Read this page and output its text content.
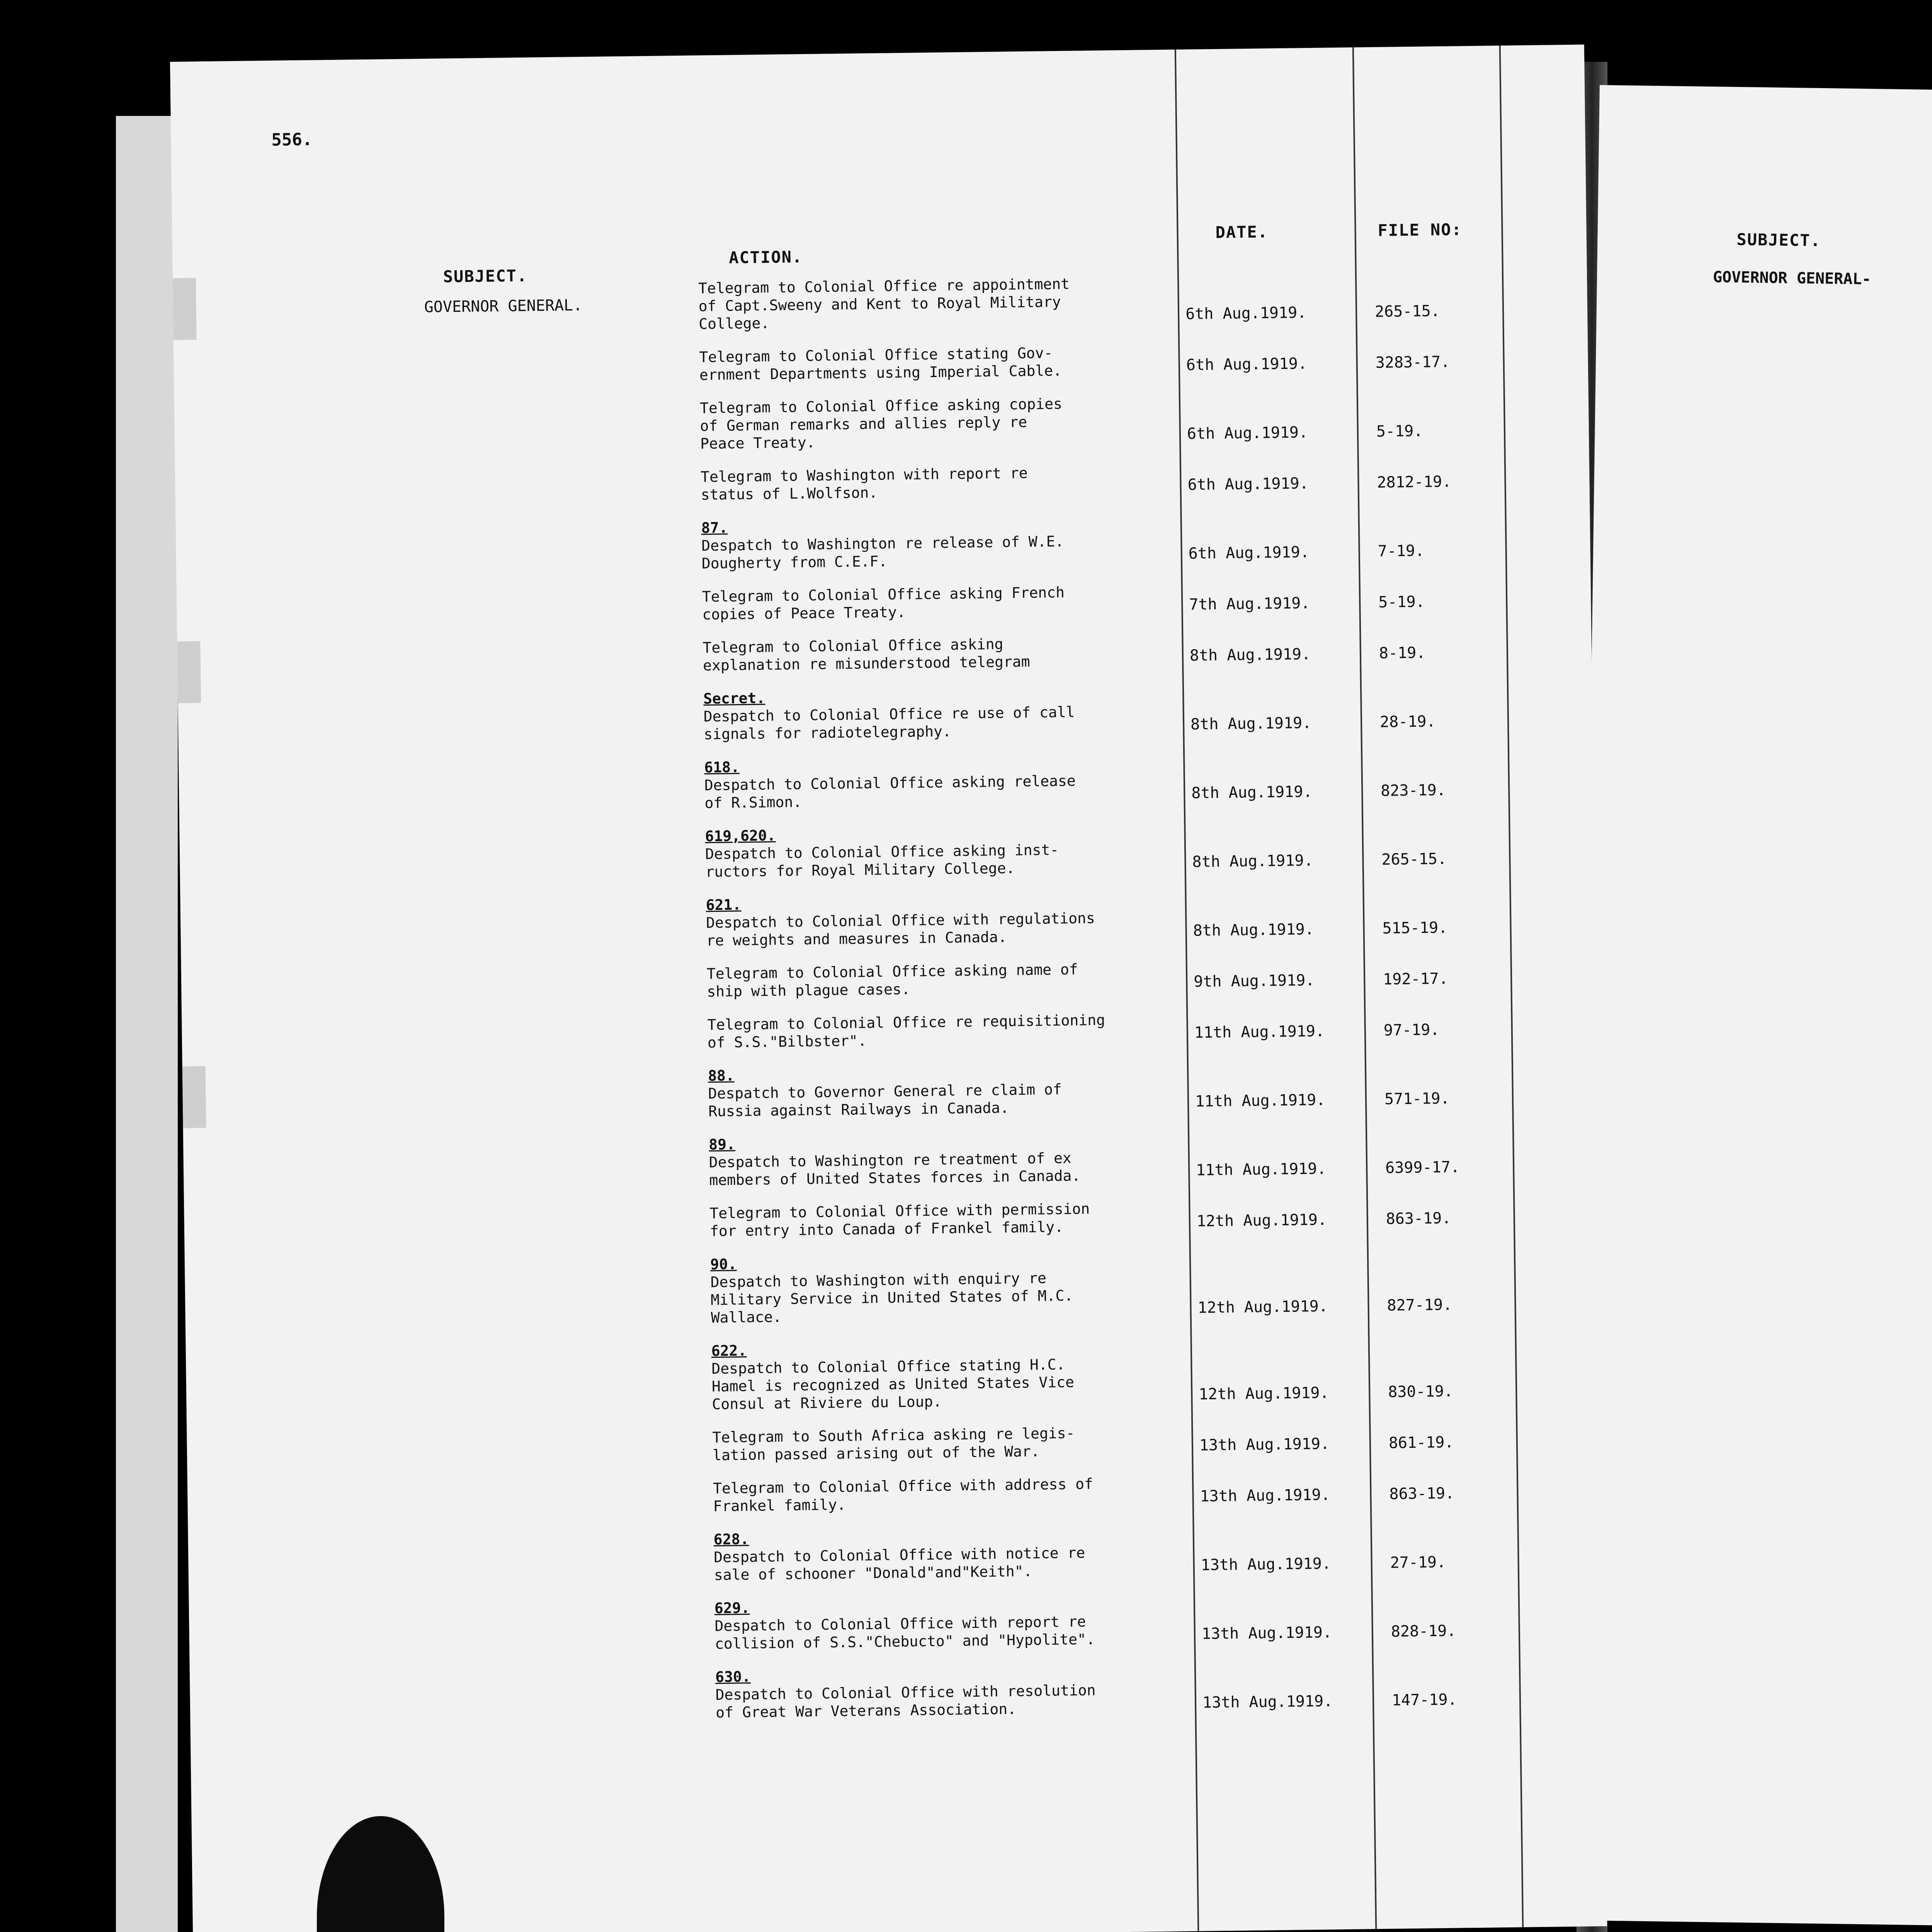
556.
SUBJECT.
ACTION.
DATE.	FILE NO:
GOVERNOR GENERAL.
Telegram to Colonial Office re appointment
of Capt.Sweeny and Kent to Royal Military
College.
6th Aug.1919.	265-15.
Telegram to Colonial Office stating Gov-
ernment Departments using Imperial Cable.	6th Aug.1919.	3283-17.
Telegram to Colonial Office asking copies
of German remarks and allies reply re
Peace Treaty.
6th Aug.1919.	5-19.
Telegram to Washington with report re
status of L.Wolfson.	6th Aug.1919.	2812-19.
87.
Despatch to Washington re release of W.E.
Dougherty from C.E.F.	6th Aug.1919.	7-19.
Telegram to Colonial Office asking French
copies of Peace Treaty.	7th Aug.1919.	5-19.
Telegram to Colonial Office asking
explanation re misunderstood telegram	8th Aug.1919.	8-19.
Secret.
Despatch to Colonial Office re use of call
signals for radiotelegraphy.	8th Aug.1919.	28-19.
618.
Despatch to Colonial Office asking release
of R.Simon.
8th Aug.1919.	823-19.
619,620.
Despatch to Colonial Office asking inst-
ructors for Royal Military College.	8th Aug.1919.	265-15.
621.
Despatch to Colonial Office with regulations
re weights and measures in Canada.	8th Aug.1919.	515-19.
Telegram to Colonial Office asking name of
ship with plague cases.	9th Aug.1919.	192-17.
Telegram to Colonial Office re requisitioning
of S.S."Bilbster".	11th Aug.1919.	97-19.
88.
Despatch to Governor General re claim of
Russia against Railways in Canada.	11th Aug.1919.	571-19.
89.
Despatch to Washington re treatment of ex
members of United States forces in Canada.	11th Aug.1919.	6399-17.
Telegram to Colonial Office with permission
for entry into Canada of Frankel family.	12th Aug.1919.	863-19.
90.
Despatch to Washington with enquiry re
Military Service in United States of M.C.
Wallace.
12th Aug.1919.	827-19.
622.
Despatch to Colonial Office stating H.C.
Hamel is recognized as United States Vice
Consul at Riviere du Loup.	12th Aug.1919.	830-19.
Telegram to South Africa asking re legis-
lation passed arising out of the War.	13th Aug.1919.	861-19.
Telegram to Colonial Office with address of
Frankel family.
13th Aug.1919.	863-19.
628.
Despatch to Colonial Office with notice re
sale of schooner "Donald"and"Keith".	13th Aug.1919.	27-19.
629.
Despatch to Colonial Office with report re
collision of S.S."Chebucto" and "Hypolite".	13th Aug.1919.	828-19.
630.
Despatch to Colonial Office with resolution
of Great War Veterans Association.	13th Aug.1919.	147-19.
SUBJECT.
GOVERNOR GENERAL-
